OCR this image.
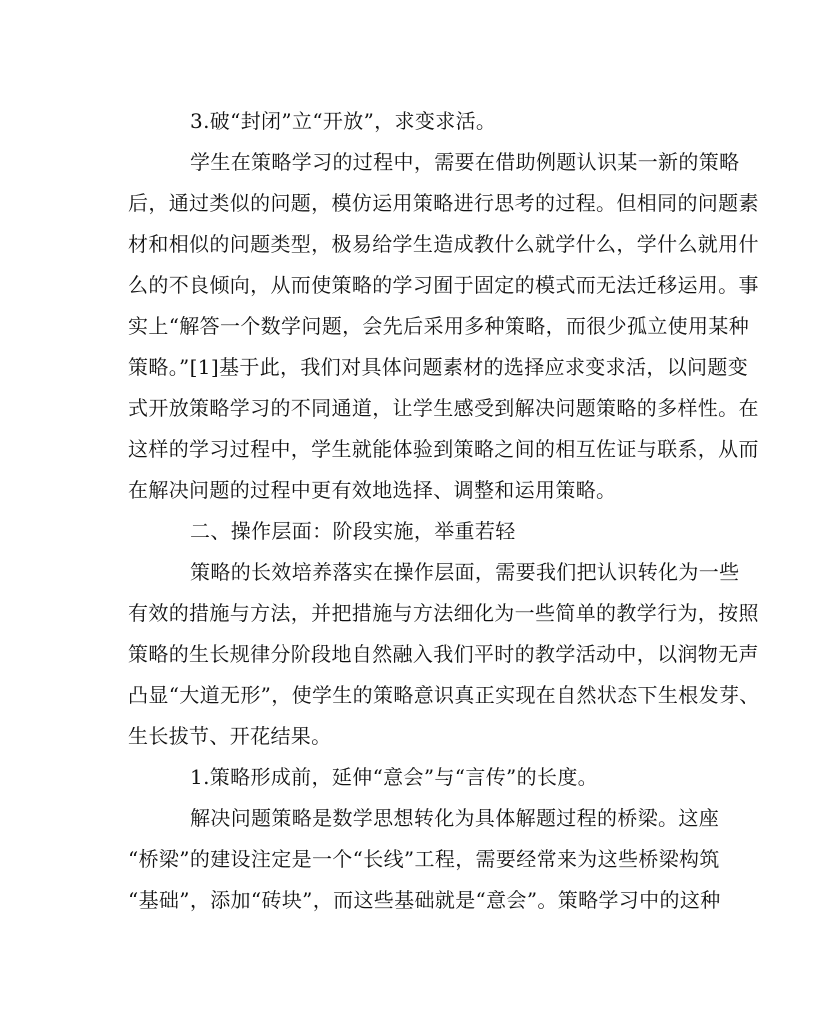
3.破“封闭”立“开放”，求变求活。
学生在策略学习的过程中，需要在借助例题认识某一新的策略
后，通过类似的问题，模仿运用策略进行思考的过程。但相同的问题素
材和相似的问题类型，极易给学生造成教什么就学什么，学什么就用什
么的不良倾向，从而使策略的学习囿于固定的模式而无法迁移运用。事
实上“解答一个数学问题，会先后采用多种策略，而很少孤立使用某种
策略。”[1]基于此，我们对具体问题素材的选择应求变求活，以问题变
式开放策略学习的不同通道，让学生感受到解决问题策略的多样性。在
这样的学习过程中，学生就能体验到策略之间的相互佐证与联系，从而
在解决问题的过程中更有效地选择、调整和运用策略。
二、操作层面：阶段实施，举重若轻
策略的长效培养落实在操作层面，需要我们把认识转化为一些
有效的措施与方法，并把措施与方法细化为一些简单的教学行为，按照
策略的生长规律分阶段地自然融入我们平时的教学活动中，以润物无声
凸显“大道无形”，使学生的策略意识真正实现在自然状态下生根发芽、
生长拔节、开花结果。
1.策略形成前，延伸“意会”与“言传”的长度。
解决问题策略是数学思想转化为具体解题过程的桥梁。这座
“桥梁”的建设注定是一个“长线”工程，需要经常来为这些桥梁构筑
“基础”，添加“砖块”，而这些基础就是“意会”。策略学习中的这种
